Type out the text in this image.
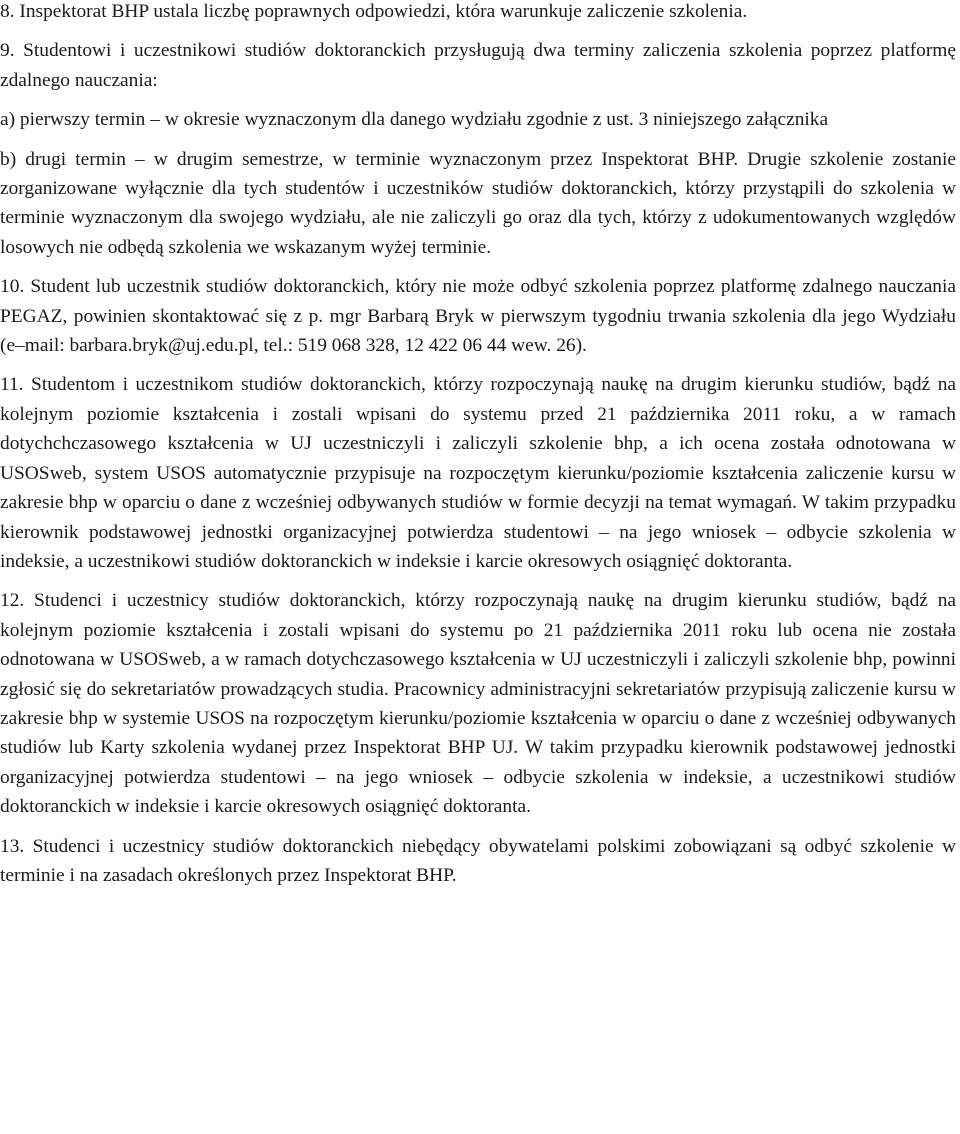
8. Inspektorat BHP ustala liczbę poprawnych odpowiedzi, która warunkuje zaliczenie szkolenia.

9. Studentowi i uczestnikowi studiów doktoranckich przysługują dwa terminy zaliczenia szkolenia poprzez platformę zdalnego nauczania:

a) pierwszy termin – w okresie wyznaczonym dla danego wydziału zgodnie z ust. 3 niniejszego załącznika

b) drugi termin – w drugim semestrze, w terminie wyznaczonym przez Inspektorat BHP. Drugie szkolenie zostanie zorganizowane wyłącznie dla tych studentów i uczestników studiów doktoranckich, którzy przystąpili do szkolenia w terminie wyznaczonym dla swojego wydziału, ale nie zaliczyli go oraz dla tych, którzy z udokumentowanych względów losowych nie odbędą szkolenia we wskazanym wyżej terminie.

10. Student lub uczestnik studiów doktoranckich, który nie może odbyć szkolenia poprzez platformę zdalnego nauczania PEGAZ, powinien skontaktować się z p. mgr Barbarą Bryk w pierwszym tygodniu trwania szkolenia dla jego Wydziału (e–mail: barbara.bryk@uj.edu.pl, tel.: 519 068 328, 12 422 06 44 wew. 26).

11. Studentom i uczestnikom studiów doktoranckich, którzy rozpoczynają naukę na drugim kierunku studiów, bądź na kolejnym poziomie kształcenia i zostali wpisani do systemu przed 21 października 2011 roku, a w ramach dotychchczasowego kształcenia w UJ uczestniczyli i zaliczyli szkolenie bhp, a ich ocena została odnotowana w USOSweb, system USOS automatycznie przypisuje na rozpoczętym kierunku/poziomie kształcenia zaliczenie kursu w zakresie bhp w oparciu o dane z wcześniej odbywanych studiów w formie decyzji na temat wymagań. W takim przypadku kierownik podstawowej jednostki organizacyjnej potwierdza studentowi – na jego wniosek – odbycie szkolenia w indeksie, a uczestnikowi studiów doktoranckich w indeksie i karcie okresowych osiągnięć doktoranta.

12. Studenci i uczestnicy studiów doktoranckich, którzy rozpoczynają naukę na drugim kierunku studiów, bądź na kolejnym poziomie kształcenia i zostali wpisani do systemu po 21 października 2011 roku lub ocena nie została odnotowana w USOSweb, a w ramach dotychczasowego kształcenia w UJ uczestniczyli i zaliczyli szkolenie bhp, powinni zgłosić się do sekretariatów prowadzących studia. Pracownicy administracyjni sekretariatów przypisują zaliczenie kursu w zakresie bhp w systemie USOS na rozpoczętym kierunku/poziomie kształcenia w oparciu o dane z wcześniej odbywanych studiów lub Karty szkolenia wydanej przez Inspektorat BHP UJ. W takim przypadku kierownik podstawowej jednostki organizacyjnej potwierdza studentowi – na jego wniosek – odbycie szkolenia w indeksie, a uczestnikowi studiów doktoranckich w indeksie i karcie okresowych osiągnięć doktoranta.

13. Studenci i uczestnicy studiów doktoranckich niebędący obywatelami polskimi zobowiązani są odbyć szkolenie w terminie i na zasadach określonych przez Inspektorat BHP.
